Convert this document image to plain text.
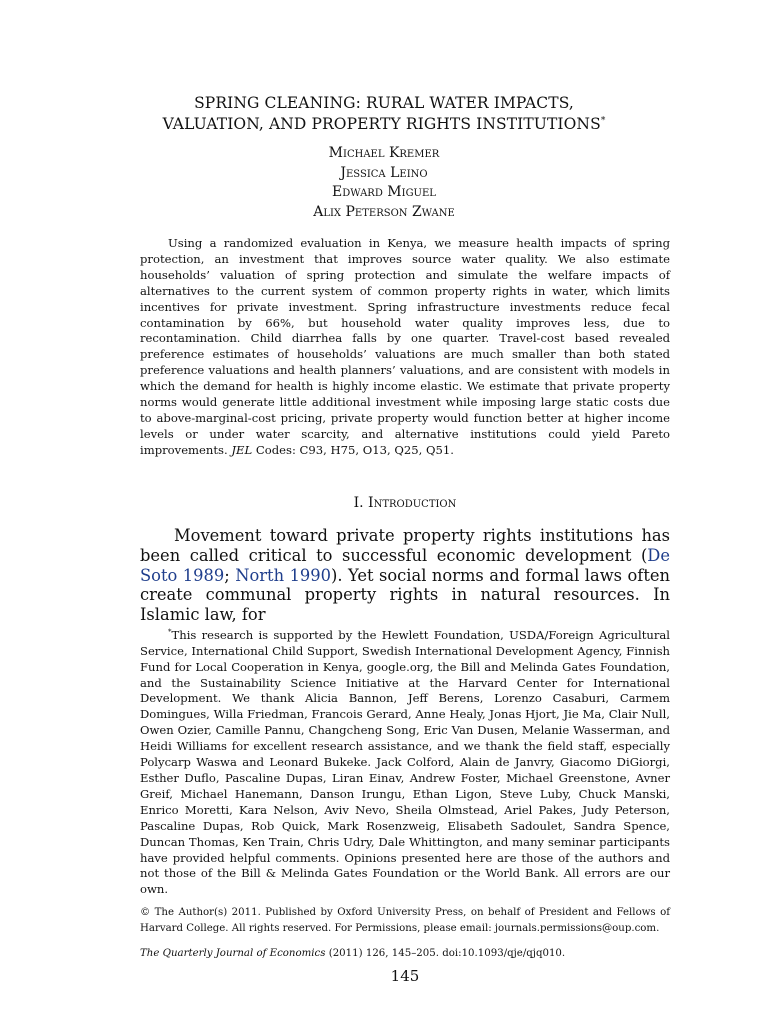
SPRING CLEANING: RURAL WATER IMPACTS,
VALUATION, AND PROPERTY RIGHTS INSTITUTIONS*
Michael Kremer
Jessica Leino
Edward Miguel
Alix Peterson Zwane

Using a randomized evaluation in Kenya, we measure health impacts of spring protection, an investment that improves source water quality. We also estimate households’ valuation of spring protection and simulate the welfare impacts of alternatives to the current system of common property rights in water, which limits incentives for private investment. Spring infrastructure investments reduce fecal contamination by 66%, but household water quality improves less, due to recontamination. Child diarrhea falls by one quarter. Travel-cost based revealed preference estimates of households’ valuations are much smaller than both stated preference valuations and health planners’ valuations, and are consistent with models in which the demand for health is highly income elastic. We estimate that private property norms would generate little additional investment while imposing large static costs due to above-marginal-cost pricing, private property would function better at higher income levels or under water scarcity, and alternative institutions could yield Pareto improvements. JEL Codes: C93, H75, O13, Q25, Q51.

I. Introduction

Movement toward private property rights institutions has been called critical to successful economic development (De Soto 1989; North 1990). Yet social norms and formal laws often create communal property rights in natural resources. In Islamic law, for

*This research is supported by the Hewlett Foundation, USDA/Foreign Agricultural Service, International Child Support, Swedish International Development Agency, Finnish Fund for Local Cooperation in Kenya, google.org, the Bill and Melinda Gates Foundation, and the Sustainability Science Initiative at the Harvard Center for International Development. We thank Alicia Bannon, Jeff Berens, Lorenzo Casaburi, Carmem Domingues, Willa Friedman, Francois Gerard, Anne Healy, Jonas Hjort, Jie Ma, Clair Null, Owen Ozier, Camille Pannu, Changcheng Song, Eric Van Dusen, Melanie Wasserman, and Heidi Williams for excellent research assistance, and we thank the field staff, especially Polycarp Waswa and Leonard Bukeke. Jack Colford, Alain de Janvry, Giacomo DiGiorgi, Esther Duflo, Pascaline Dupas, Liran Einav, Andrew Foster, Michael Greenstone, Avner Greif, Michael Hanemann, Danson Irungu, Ethan Ligon, Steve Luby, Chuck Manski, Enrico Moretti, Kara Nelson, Aviv Nevo, Sheila Olmstead, Ariel Pakes, Judy Peterson, Pascaline Dupas, Rob Quick, Mark Rosenzweig, Elisabeth Sadoulet, Sandra Spence, Duncan Thomas, Ken Train, Chris Udry, Dale Whittington, and many seminar participants have provided helpful comments. Opinions presented here are those of the authors and not those of the Bill & Melinda Gates Foundation or the World Bank. All errors are our own.

© The Author(s) 2011. Published by Oxford University Press, on behalf of President and Fellows of Harvard College. All rights reserved. For Permissions, please email: journals.permissions@oup.com.

The Quarterly Journal of Economics (2011) 126, 145–205. doi:10.1093/qje/qjq010.

145
